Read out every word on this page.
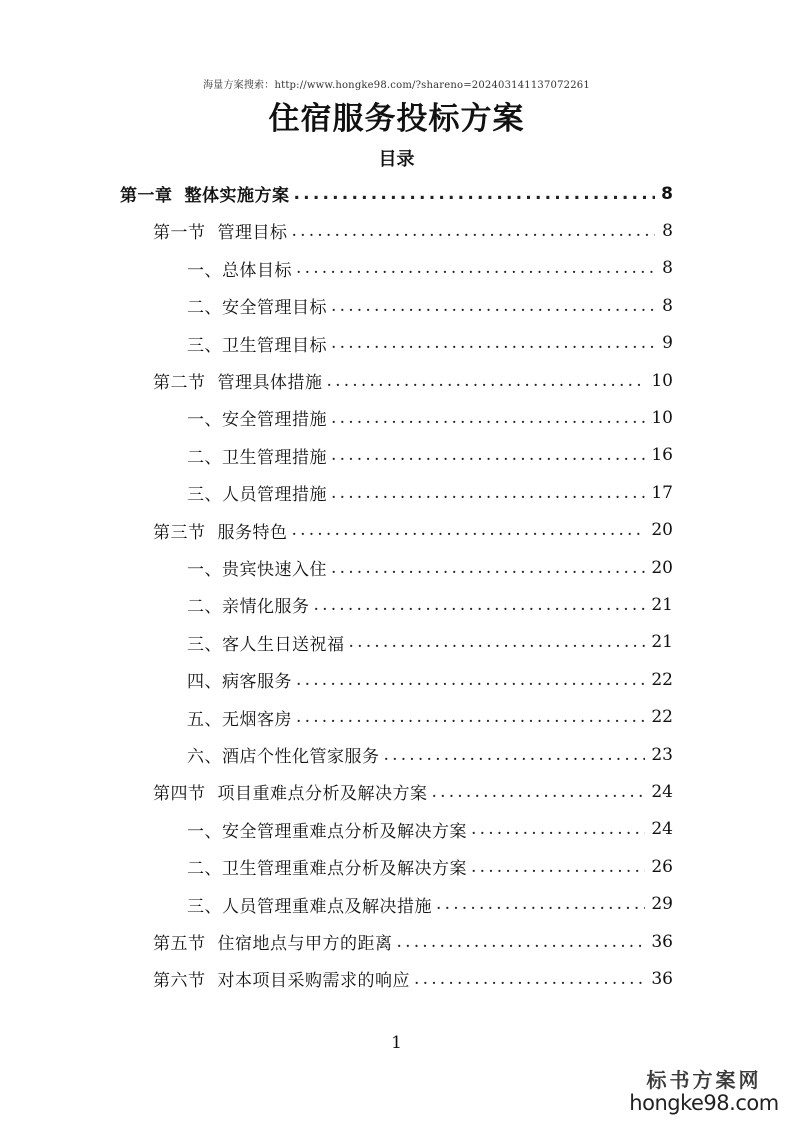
海量方案搜索：http://www.hongke98.com/?shareno=202403141137072261
住宿服务投标方案
目录
第一章 整体实施方案 .....	8
第一节 管理目标 .....	8
一、总体目标 .....	8
二、安全管理目标 .....	8
三、卫生管理目标 .....	9
第二节 管理具体措施 .....	10
一、安全管理措施 .....	10
二、卫生管理措施 .....	16
三、人员管理措施 .....	17
第三节 服务特色 .....	20
一、贵宾快速入住 .....	20
二、亲情化服务 .....	21
三、客人生日送祝福 .....	21
四、病客服务 .....	22
五、无烟客房 .....	22
六、酒店个性化管家服务 .....	23
第四节 项目重难点分析及解决方案 .....	24
一、安全管理重难点分析及解决方案 .....	24
二、卫生管理重难点分析及解决方案 .....	26
三、人员管理重难点及解决措施 .....	29
第五节 住宿地点与甲方的距离 .....	36
第六节 对本项目采购需求的响应 .....	36
1
标书方案网
hongke98.com
